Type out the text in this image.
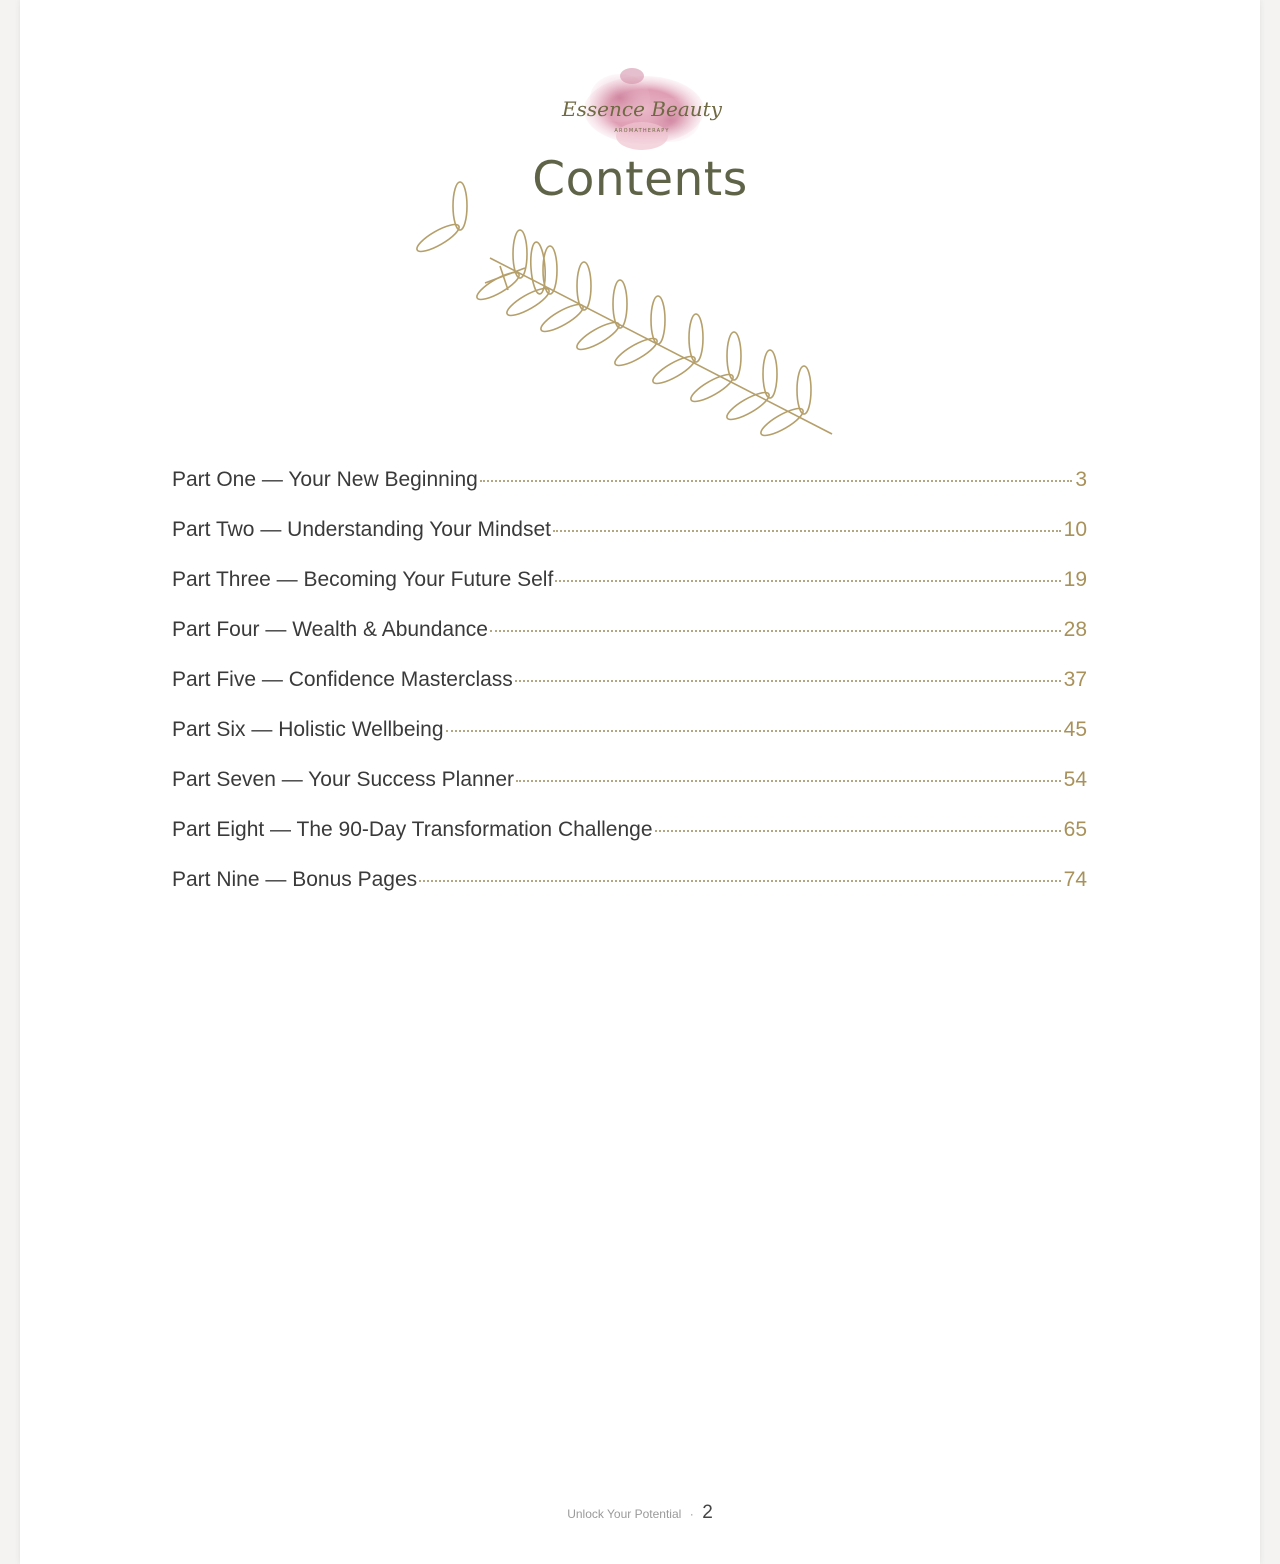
Essence Beauty
AROMATHERAPY
Contents
Part One — Your New Beginning	3
Part Two — Understanding Your Mindset	10
Part Three — Becoming Your Future Self	19
Part Four — Wealth & Abundance	28
Part Five — Confidence Masterclass	37
Part Six — Holistic Wellbeing	45
Part Seven — Your Success Planner	54
Part Eight — The 90-Day Transformation Challenge	65
Part Nine — Bonus Pages	74
Unlock Your Potential · 2
